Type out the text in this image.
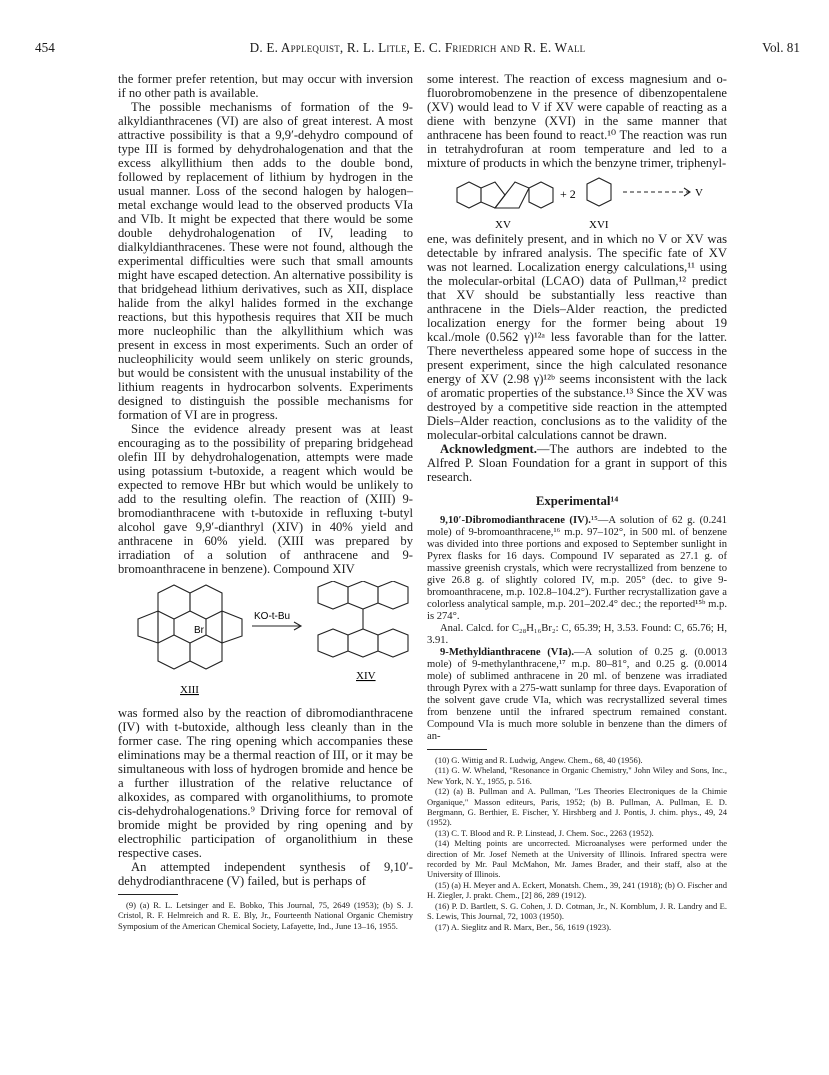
454	D. E. Applequist, R. L. Litle, E. C. Friedrich and R. E. Wall	Vol. 81

the former prefer retention, but may occur with inversion if no other path is available.

The possible mechanisms of formation of the 9-alkyldianthracenes (VI) are also of great interest. A most attractive possibility is that a 9,9′-dehydro compound of type III is formed by dehydrohalogenation and that the excess alkyllithium then adds to the double bond, followed by replacement of lithium by hydrogen in the usual manner. Loss of the second halogen by halogen–metal exchange would lead to the observed products VIa and VIb. It might be expected that there would be some double dehydrohalogenation of IV, leading to dialkyldianthracenes. These were not found, although the experimental difficulties were such that small amounts might have escaped detection. An alternative possibility is that bridgehead lithium derivatives, such as XII, displace halide from the alkyl halides formed in the exchange reactions, but this hypothesis requires that XII be much more nucleophilic than the alkyllithium which was present in excess in most experiments. Such an order of nucleophilicity would seem unlikely on steric grounds, but would be consistent with the unusual instability of the lithium reagents in hydrocarbon solvents. Experiments designed to distinguish the possible mechanisms for formation of VI are in progress.

Since the evidence already present was at least encouraging as to the possibility of preparing bridgehead olefin III by dehydrohalogenation, attempts were made using potassium t-butoxide, a reagent which would be expected to remove HBr but which would be unlikely to add to the resulting olefin. The reaction of (XIII) 9-bromodianthracene with t-butoxide in refluxing t-butyl alcohol gave 9,9′-dianthryl (XIV) in 40% yield and anthracene in 60% yield. (XIII was prepared by irradiation of a solution of anthracene and 9-bromoanthracene in benzene). Compound XIV

KO-t-Bu
Br
XIII
XIV

was formed also by the reaction of dibromodianthracene (IV) with t-butoxide, although less cleanly than in the former case. The ring opening which accompanies these eliminations may be a thermal reaction of III, or it may be simultaneous with loss of hydrogen bromide and hence be a further illustration of the relative reluctance of alkoxides, as compared with organolithiums, to promote cis-dehydrohalogenations.⁹ Driving force for removal of bromide might be provided by ring opening and by electrophilic participation of organolithium in these respective cases.

An attempted independent synthesis of 9,10′-dehydrodianthracene (V) failed, but is perhaps of

(9) (a) R. L. Letsinger and E. Bobko, This Journal, 75, 2649 (1953); (b) S. J. Cristol, R. F. Helmreich and R. E. Bly, Jr., Fourteenth National Organic Chemistry Symposium of the American Chemical Society, Lafayette, Ind., June 13–16, 1955.

some interest. The reaction of excess magnesium and o-fluorobromobenzene in the presence of dibenzopentalene (XV) would lead to V if XV were capable of reacting as a diene with benzyne (XVI) in the same manner that anthracene has been found to react.¹⁰ The reaction was run in tetrahydrofuran at room temperature and led to a mixture of products in which the benzyne trimer, triphenyl-

+ 2	V
XV	XVI

ene, was definitely present, and in which no V or XV was detectable by infrared analysis. The specific fate of XV was not learned. Localization energy calculations,¹¹ using the molecular-orbital (LCAO) data of Pullman,¹² predict that XV should be substantially less reactive than anthracene in the Diels–Alder reaction, the predicted localization energy for the former being about 19 kcal./mole (0.562 γ)¹²ᵃ less favorable than for the latter. There nevertheless appeared some hope of success in the present experiment, since the high calculated resonance energy of XV (2.98 γ)¹²ᵇ seems inconsistent with the lack of aromatic properties of the substance.¹³ Since the XV was destroyed by a competitive side reaction in the attempted Diels–Alder reaction, conclusions as to the validity of the molecular-orbital calculations cannot be drawn.

Acknowledgment.—The authors are indebted to the Alfred P. Sloan Foundation for a grant in support of this research.

Experimental¹⁴

9,10′-Dibromodianthracene (IV).¹⁵—A solution of 62 g. (0.241 mole) of 9-bromoanthracene,¹⁶ m.p. 97–102°, in 500 ml. of benzene was divided into three portions and exposed to September sunlight in Pyrex flasks for 16 days. Compound IV separated as 27.1 g. of massive greenish crystals, which were recrystallized from benzene to give 26.8 g. of slightly colored IV, m.p. 205° (dec. to give 9-bromoanthracene, m.p. 102.8–104.2°). Further recrystallization gave a colorless analytical sample, m.p. 201–202.4° dec.; the reported¹⁵ᵇ m.p. is 274°.

Anal. Calcd. for C₂₈H₁₆Br₂: C, 65.39; H, 3.53. Found: C, 65.76; H, 3.91.

9-Methyldianthracene (VIa).—A solution of 0.25 g. (0.0013 mole) of 9-methylanthracene,¹⁷ m.p. 80–81°, and 0.25 g. (0.0014 mole) of sublimed anthracene in 20 ml. of benzene was irradiated through Pyrex with a 275-watt sunlamp for three days. Evaporation of the solvent gave crude VIa, which was recrystallized several times from benzene until the infrared spectrum remained constant. Compound VIa is much more soluble in benzene than the dimers of an-

(10) G. Wittig and R. Ludwig, Angew. Chem., 68, 40 (1956).

(11) G. W. Wheland, "Resonance in Organic Chemistry," John Wiley and Sons, Inc., New York, N. Y., 1955, p. 516.

(12) (a) B. Pullman and A. Pullman, "Les Theories Electroniques de la Chimie Organique," Masson editeurs, Paris, 1952; (b) B. Pullman, A. Pullman, E. D. Bergmann, G. Berthier, E. Fischer, Y. Hirshberg and J. Pontis, J. chim. phys., 49, 24 (1952).

(13) C. T. Blood and R. P. Linstead, J. Chem. Soc., 2263 (1952).

(14) Melting points are uncorrected. Microanalyses were performed under the direction of Mr. Josef Nemeth at the University of Illinois. Infrared spectra were recorded by Mr. Paul McMahon, Mr. James Brader, and their staff, also at the University of Illinois.

(15) (a) H. Meyer and A. Eckert, Monatsh. Chem., 39, 241 (1918); (b) O. Fischer and H. Ziegler, J. prakt. Chem., [2] 86, 289 (1912).

(16) P. D. Bartlett, S. G. Cohen, J. D. Cotman, Jr., N. Kornblum, J. R. Landry and E. S. Lewis, This Journal, 72, 1003 (1950).

(17) A. Sieglitz and R. Marx, Ber., 56, 1619 (1923).
